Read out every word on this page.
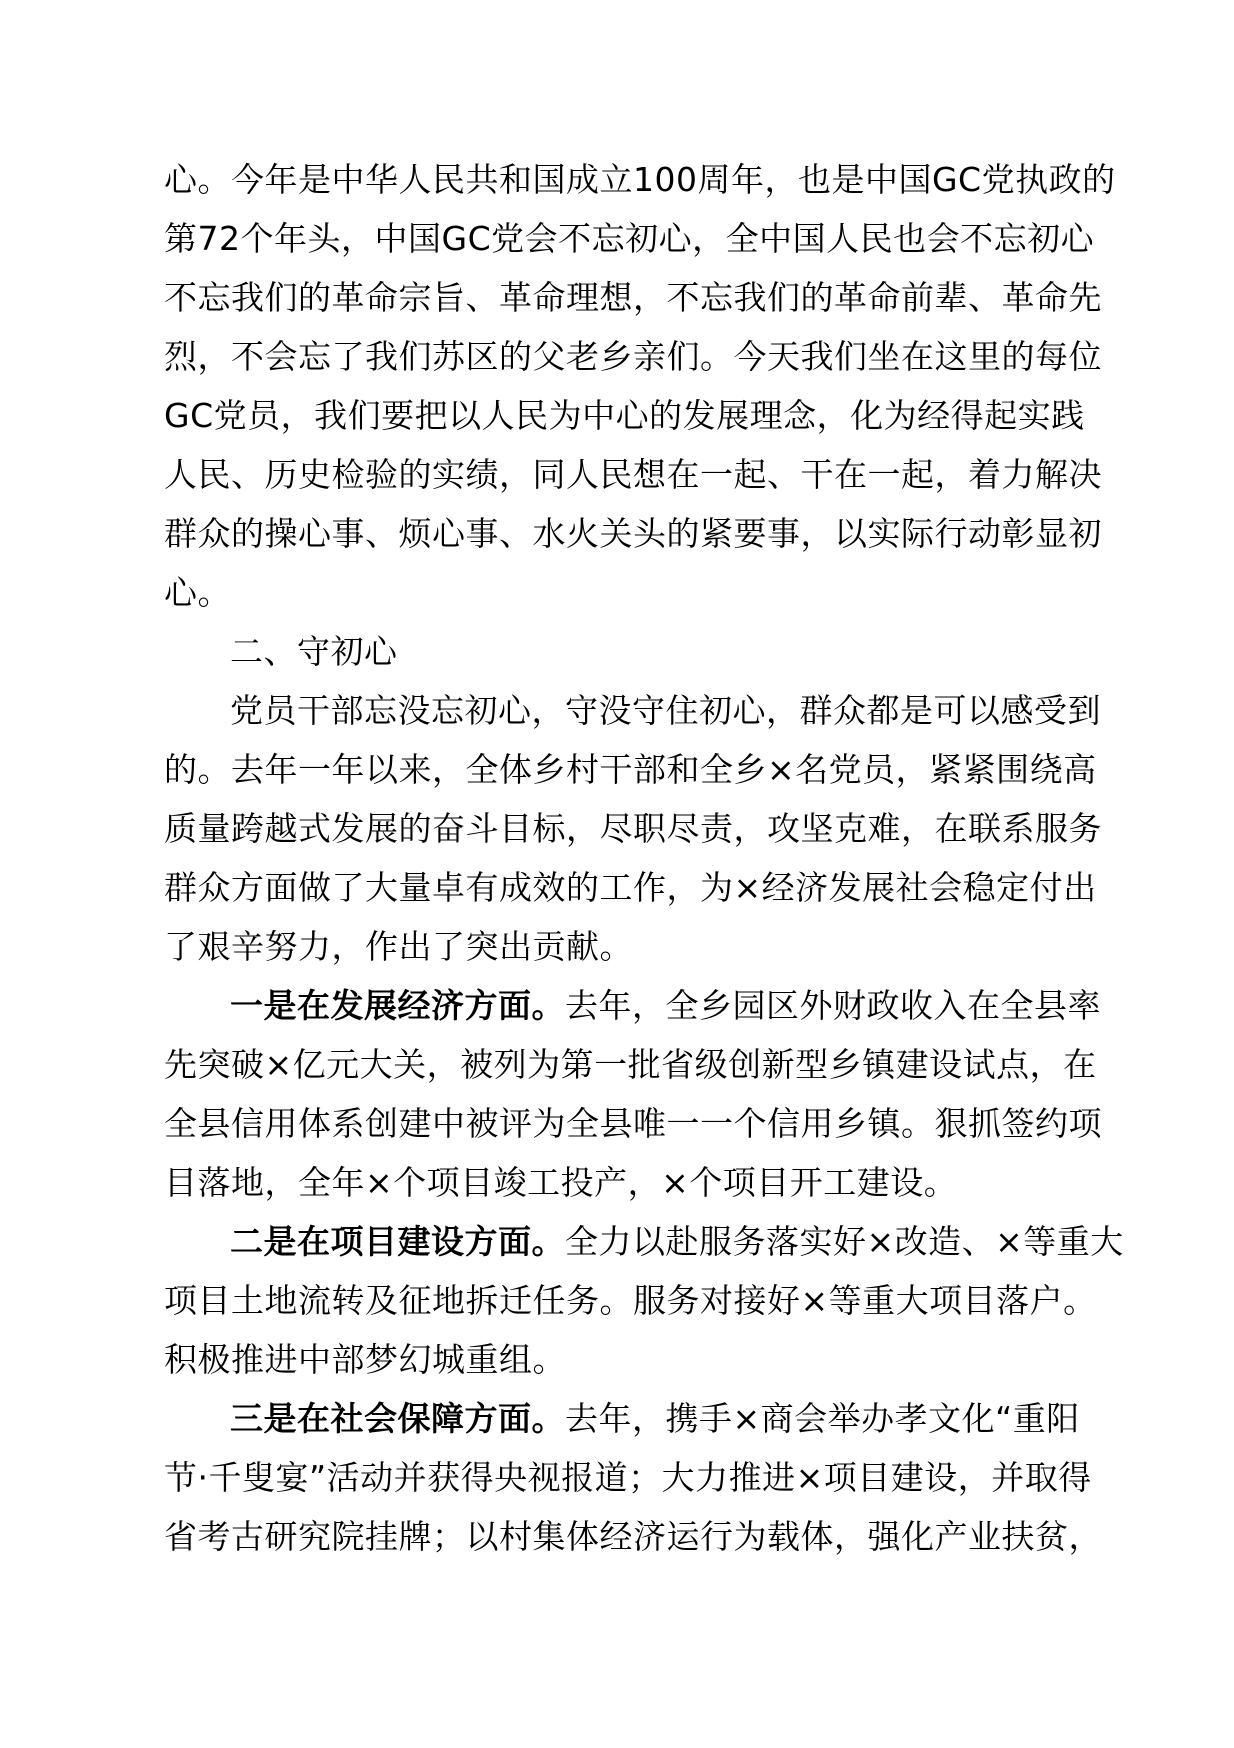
心。今年是中华人民共和国成立100周年，也是中国GC党执政的
第72个年头，中国GC党会不忘初心，全中国人民也会不忘初心
不忘我们的革命宗旨、革命理想，不忘我们的革命前辈、革命先
烈，不会忘了我们苏区的父老乡亲们。今天我们坐在这里的每位
GC党员，我们要把以人民为中心的发展理念，化为经得起实践
人民、历史检验的实绩，同人民想在一起、干在一起，着力解决
群众的操心事、烦心事、水火关头的紧要事，以实际行动彰显初
心。
二、守初心
党员干部忘没忘初心，守没守住初心，群众都是可以感受到
的。去年一年以来，全体乡村干部和全乡×名党员，紧紧围绕高
质量跨越式发展的奋斗目标，尽职尽责，攻坚克难，在联系服务
群众方面做了大量卓有成效的工作，为×经济发展社会稳定付出
了艰辛努力，作出了突出贡献。
一是在发展经济方面。去年，全乡园区外财政收入在全县率
先突破×亿元大关，被列为第一批省级创新型乡镇建设试点，在
全县信用体系创建中被评为全县唯一一个信用乡镇。狠抓签约项
目落地，全年×个项目竣工投产，×个项目开工建设。
二是在项目建设方面。全力以赴服务落实好×改造、×等重大
项目土地流转及征地拆迁任务。服务对接好×等重大项目落户。
积极推进中部梦幻城重组。
三是在社会保障方面。去年，携手×商会举办孝文化“重阳
节·千叟宴”活动并获得央视报道；大力推进×项目建设，并取得
省考古研究院挂牌；以村集体经济运行为载体，强化产业扶贫，
